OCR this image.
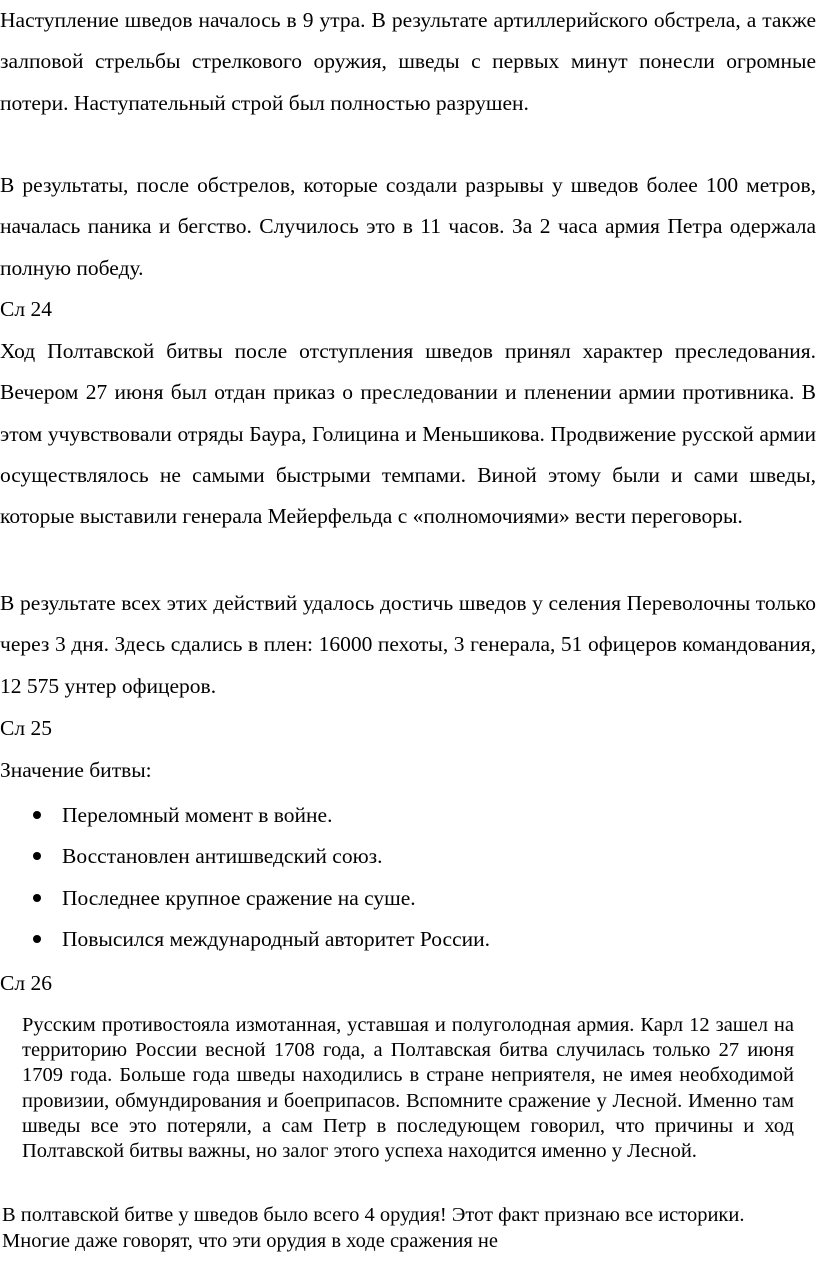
Наступление шведов началось в 9 утра. В результате артиллерийского обстрела, а также залповой стрельбы стрелкового оружия, шведы с первых минут понесли огромные потери. Наступательный строй был полностью разрушен.
В результаты, после обстрелов, которые создали разрывы у шведов более 100 метров, началась паника и бегство. Случилось это в 11 часов. За 2 часа армия Петра одержала полную победу.
Сл 24
Ход Полтавской битвы после отступления шведов принял характер преследования. Вечером 27 июня был отдан приказ о преследовании и пленении армии противника. В этом учувствовали отряды Баура, Голицина и Меньшикова. Продвижение русской армии осуществлялось не самыми быстрыми темпами. Виной этому были и сами шведы, которые выставили генерала Мейерфельда с «полномочиями» вести переговоры.
В результате всех этих действий удалось достичь шведов у селения Переволочны только через 3 дня. Здесь сдались в плен: 16000 пехоты, 3 генерала, 51 офицеров командования, 12 575 унтер офицеров.
Сл 25
Значение битвы:
Переломный момент в войне.
Восстановлен антишведский союз.
Последнее крупное сражение на суше.
Повысился международный авторитет России.
Сл 26
Русским противостояла измотанная, уставшая и полуголодная армия. Карл 12 зашел на территорию России весной 1708 года, а Полтавская битва случилась только 27 июня 1709 года. Больше года шведы находились в стране неприятеля, не имея необходимой провизии, обмундирования и боеприпасов. Вспомните сражение у Лесной. Именно там шведы все это потеряли, а сам Петр в последующем говорил, что причины и ход Полтавской битвы важны, но залог этого успеха находится именно у Лесной.
В полтавской битве у шведов было всего 4 орудия! Этот факт признаю все историки. Многие даже говорят, что эти орудия в ходе сражения не
